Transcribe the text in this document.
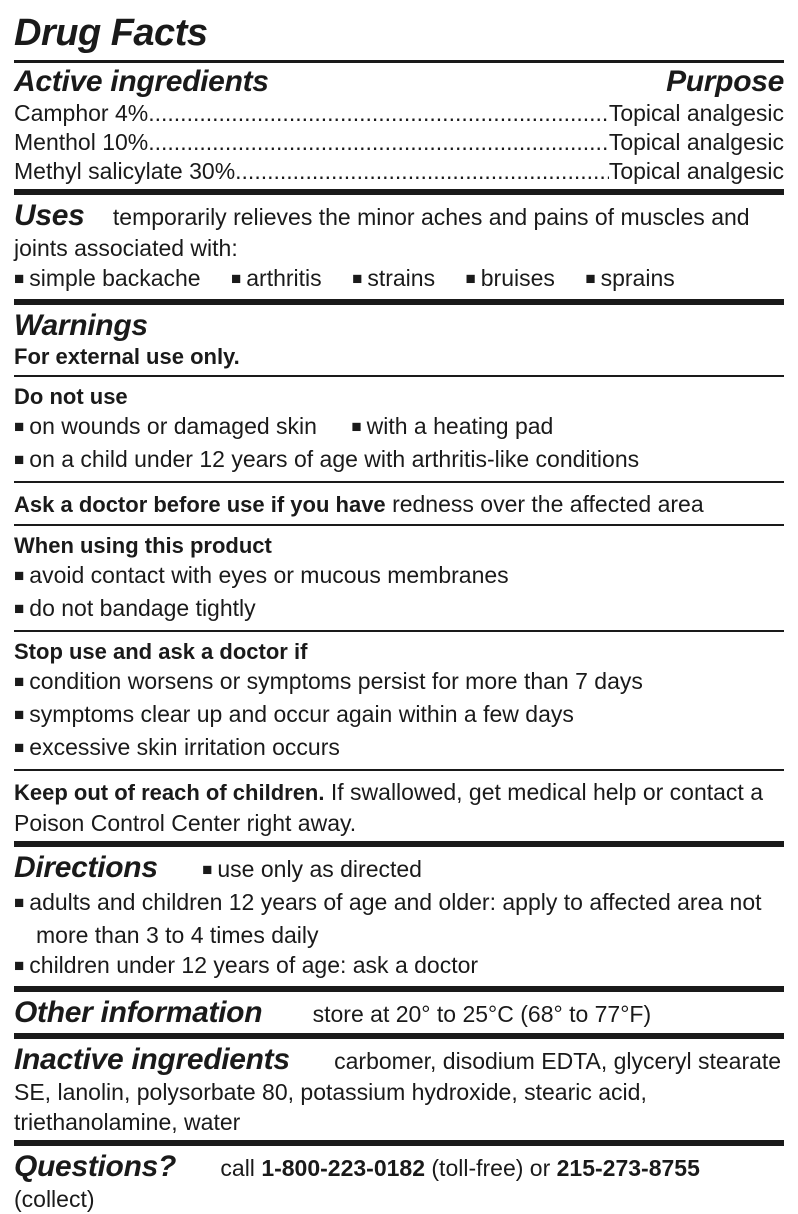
Drug Facts
Active ingredients	Purpose
Camphor 4% .....	Topical analgesic
Menthol 10% .....	Topical analgesic
Methyl salicylate 30% .....	Topical analgesic
Uses temporarily relieves the minor aches and pains of muscles and joints associated with:
■ simple backache ■ arthritis ■ strains ■ bruises ■ sprains
Warnings
For external use only.
Do not use
■ on wounds or damaged skin ■ with a heating pad
■ on a child under 12 years of age with arthritis-like conditions
Ask a doctor before use if you have redness over the affected area
When using this product
■ avoid contact with eyes or mucous membranes
■ do not bandage tightly
Stop use and ask a doctor if
■ condition worsens or symptoms persist for more than 7 days
■ symptoms clear up and occur again within a few days
■ excessive skin irritation occurs
Keep out of reach of children. If swallowed, get medical help or contact a Poison Control Center right away.
Directions	■ use only as directed
■ adults and children 12 years of age and older: apply to affected area not more than 3 to 4 times daily
■ children under 12 years of age: ask a doctor
Other information store at 20° to 25°C (68° to 77°F)
Inactive ingredients carbomer, disodium EDTA, glyceryl stearate SE, lanolin, polysorbate 80, potassium hydroxide, stearic acid, triethanolamine, water
Questions? call 1-800-223-0182 (toll-free) or 215-273-8755 (collect)
